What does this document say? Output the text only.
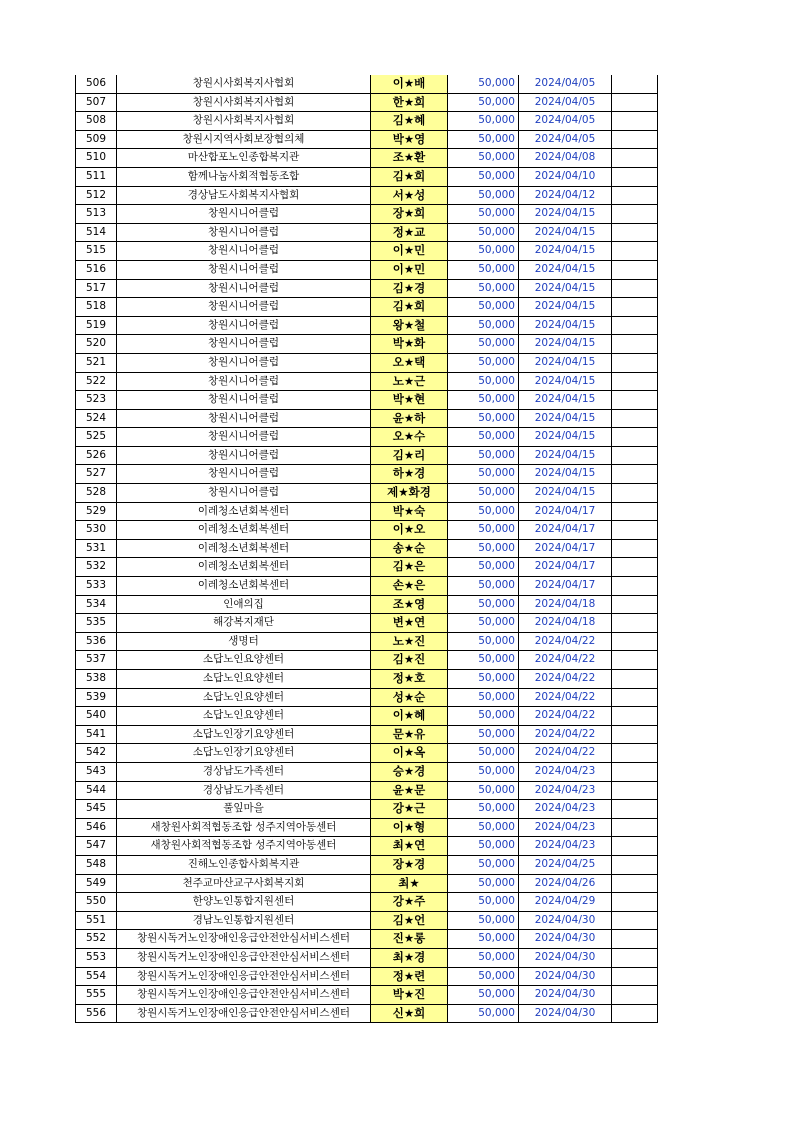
506	창원시사회복지사협회	이★배	50,000	2024/04/05	
507	창원시사회복지사협회	한★희	50,000	2024/04/05	
508	창원시사회복지사협회	김★혜	50,000	2024/04/05	
509	창원시지역사회보장협의체	박★영	50,000	2024/04/05	
510	마산합포노인종합복지관	조★환	50,000	2024/04/08	
511	함께나눔사회적협동조합	김★희	50,000	2024/04/10	
512	경상남도사회복지사협회	서★성	50,000	2024/04/12	
513	창원시니어클럽	장★희	50,000	2024/04/15	
514	창원시니어클럽	정★교	50,000	2024/04/15	
515	창원시니어클럽	이★민	50,000	2024/04/15	
516	창원시니어클럽	이★민	50,000	2024/04/15	
517	창원시니어클럽	김★경	50,000	2024/04/15	
518	창원시니어클럽	김★희	50,000	2024/04/15	
519	창원시니어클럽	왕★철	50,000	2024/04/15	
520	창원시니어클럽	박★화	50,000	2024/04/15	
521	창원시니어클럽	오★택	50,000	2024/04/15	
522	창원시니어클럽	노★근	50,000	2024/04/15	
523	창원시니어클럽	박★현	50,000	2024/04/15	
524	창원시니어클럽	윤★하	50,000	2024/04/15	
525	창원시니어클럽	오★수	50,000	2024/04/15	
526	창원시니어클럽	김★리	50,000	2024/04/15	
527	창원시니어클럽	하★경	50,000	2024/04/15	
528	창원시니어클럽	제★화경	50,000	2024/04/15	
529	이레청소년회복센터	박★숙	50,000	2024/04/17	
530	이레청소년회복센터	이★오	50,000	2024/04/17	
531	이레청소년회복센터	송★순	50,000	2024/04/17	
532	이레청소년회복센터	김★은	50,000	2024/04/17	
533	이레청소년회복센터	손★은	50,000	2024/04/17	
534	인애의집	조★영	50,000	2024/04/18	
535	해강복지재단	변★연	50,000	2024/04/18	
536	생명터	노★진	50,000	2024/04/22	
537	소답노인요양센터	김★진	50,000	2024/04/22	
538	소답노인요양센터	정★호	50,000	2024/04/22	
539	소답노인요양센터	성★순	50,000	2024/04/22	
540	소답노인요양센터	이★혜	50,000	2024/04/22	
541	소답노인장기요양센터	문★유	50,000	2024/04/22	
542	소답노인장기요양센터	이★옥	50,000	2024/04/22	
543	경상남도가족센터	승★경	50,000	2024/04/23	
544	경상남도가족센터	윤★문	50,000	2024/04/23	
545	풀잎마을	강★근	50,000	2024/04/23	
546	새창원사회적협동조합 성주지역아동센터	이★형	50,000	2024/04/23	
547	새창원사회적협동조합 성주지역아동센터	최★연	50,000	2024/04/23	
548	진해노인종합사회복지관	장★경	50,000	2024/04/25	
549	천주교마산교구사회복지회	최★	50,000	2024/04/26	
550	한양노인통합지원센터	강★주	50,000	2024/04/29	
551	경남노인통합지원센터	김★언	50,000	2024/04/30	
552	창원시독거노인장애인응급안전안심서비스센터	진★롱	50,000	2024/04/30	
553	창원시독거노인장애인응급안전안심서비스센터	최★경	50,000	2024/04/30	
554	창원시독거노인장애인응급안전안심서비스센터	정★련	50,000	2024/04/30	
555	창원시독거노인장애인응급안전안심서비스센터	박★진	50,000	2024/04/30	
556	창원시독거노인장애인응급안전안심서비스센터	신★희	50,000	2024/04/30	
